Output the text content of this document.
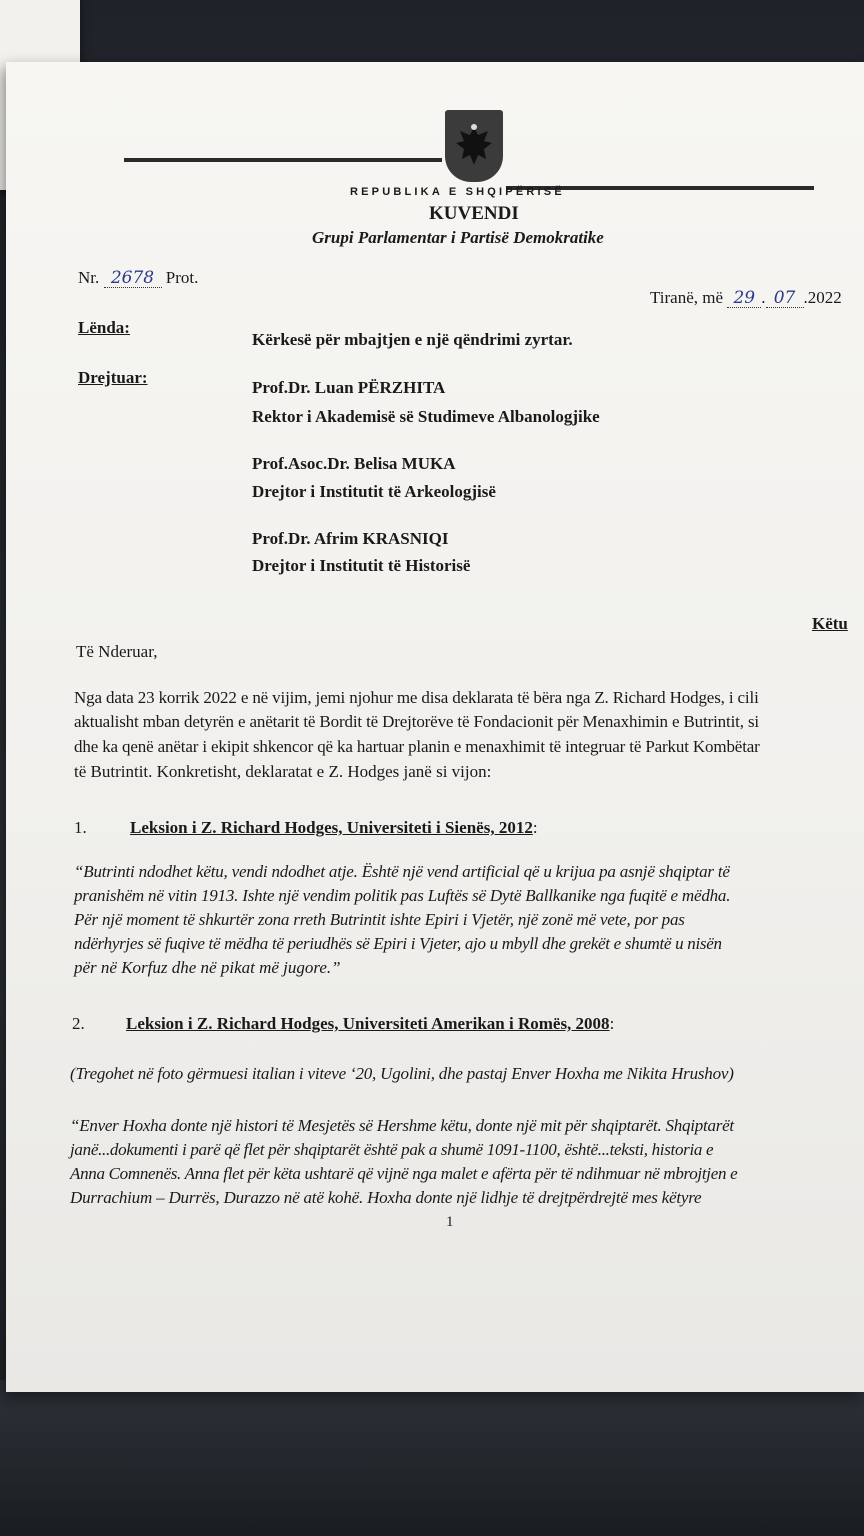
REPUBLIKA E SHQIPËRISË
KUVENDI
Grupi Parlamentar i Partisë Demokratike
Nr. 2678 Prot.
Tiranë, më 29 . 07 .2022
Lënda:
Kërkesë për mbajtjen e një qëndrimi zyrtar.
Drejtuar:
Prof.Dr. Luan PËRZHITA
Rektor i Akademisë së Studimeve Albanologjike
Prof.Asoc.Dr. Belisa MUKA
Drejtor i Institutit të Arkeologjisë
Prof.Dr. Afrim KRASNIQI
Drejtor i Institutit të Historisë
Këtu
Të Nderuar,
Nga data 23 korrik 2022 e në vijim, jemi njohur me disa deklarata të bëra nga Z. Richard Hodges, i cili
aktualisht mban detyrën e anëtarit të Bordit të Drejtorëve të Fondacionit për Menaxhimin e Butrintit, si
dhe ka qenë anëtar i ekipit shkencor që ka hartuar planin e menaxhimit të integruar të Parkut Kombëtar
të Butrintit. Konkretisht, deklaratat e Z. Hodges janë si vijon:
1.	Leksion i Z. Richard Hodges, Universiteti i Sienës, 2012:
“Butrinti ndodhet këtu, vendi ndodhet atje. Është një vend artificial që u krijua pa asnjë shqiptar të
pranishëm në vitin 1913. Ishte një vendim politik pas Luftës së Dytë Ballkanike nga fuqitë e mëdha.
Për një moment të shkurtër zona rreth Butrintit ishte Epiri i Vjetër, një zonë më vete, por pas
ndërhyrjes së fuqive të mëdha të periudhës së Epiri i Vjeter, ajo u mbyll dhe grekët e shumtë u nisën
për në Korfuz dhe në pikat më jugore.”
2. Leksion i Z. Richard Hodges, Universiteti Amerikan i Romës, 2008:
(Tregohet në foto gërmuesi italian i viteve ‘20, Ugolini, dhe pastaj Enver Hoxha me Nikita Hrushov)
“Enver Hoxha donte një histori të Mesjetës së Hershme këtu, donte një mit për shqiptarët. Shqiptarët
janë...dokumenti i parë që flet për shqiptarët është pak a shumë 1091-1100, është...teksti, historia e
Anna Comnenës. Anna flet për këta ushtarë që vijnë nga malet e afërta për të ndihmuar në mbrojtjen e
Durrachium – Durrës, Durazzo në atë kohë. Hoxha donte një lidhje të drejtpërdrejtë mes këtyre
1
